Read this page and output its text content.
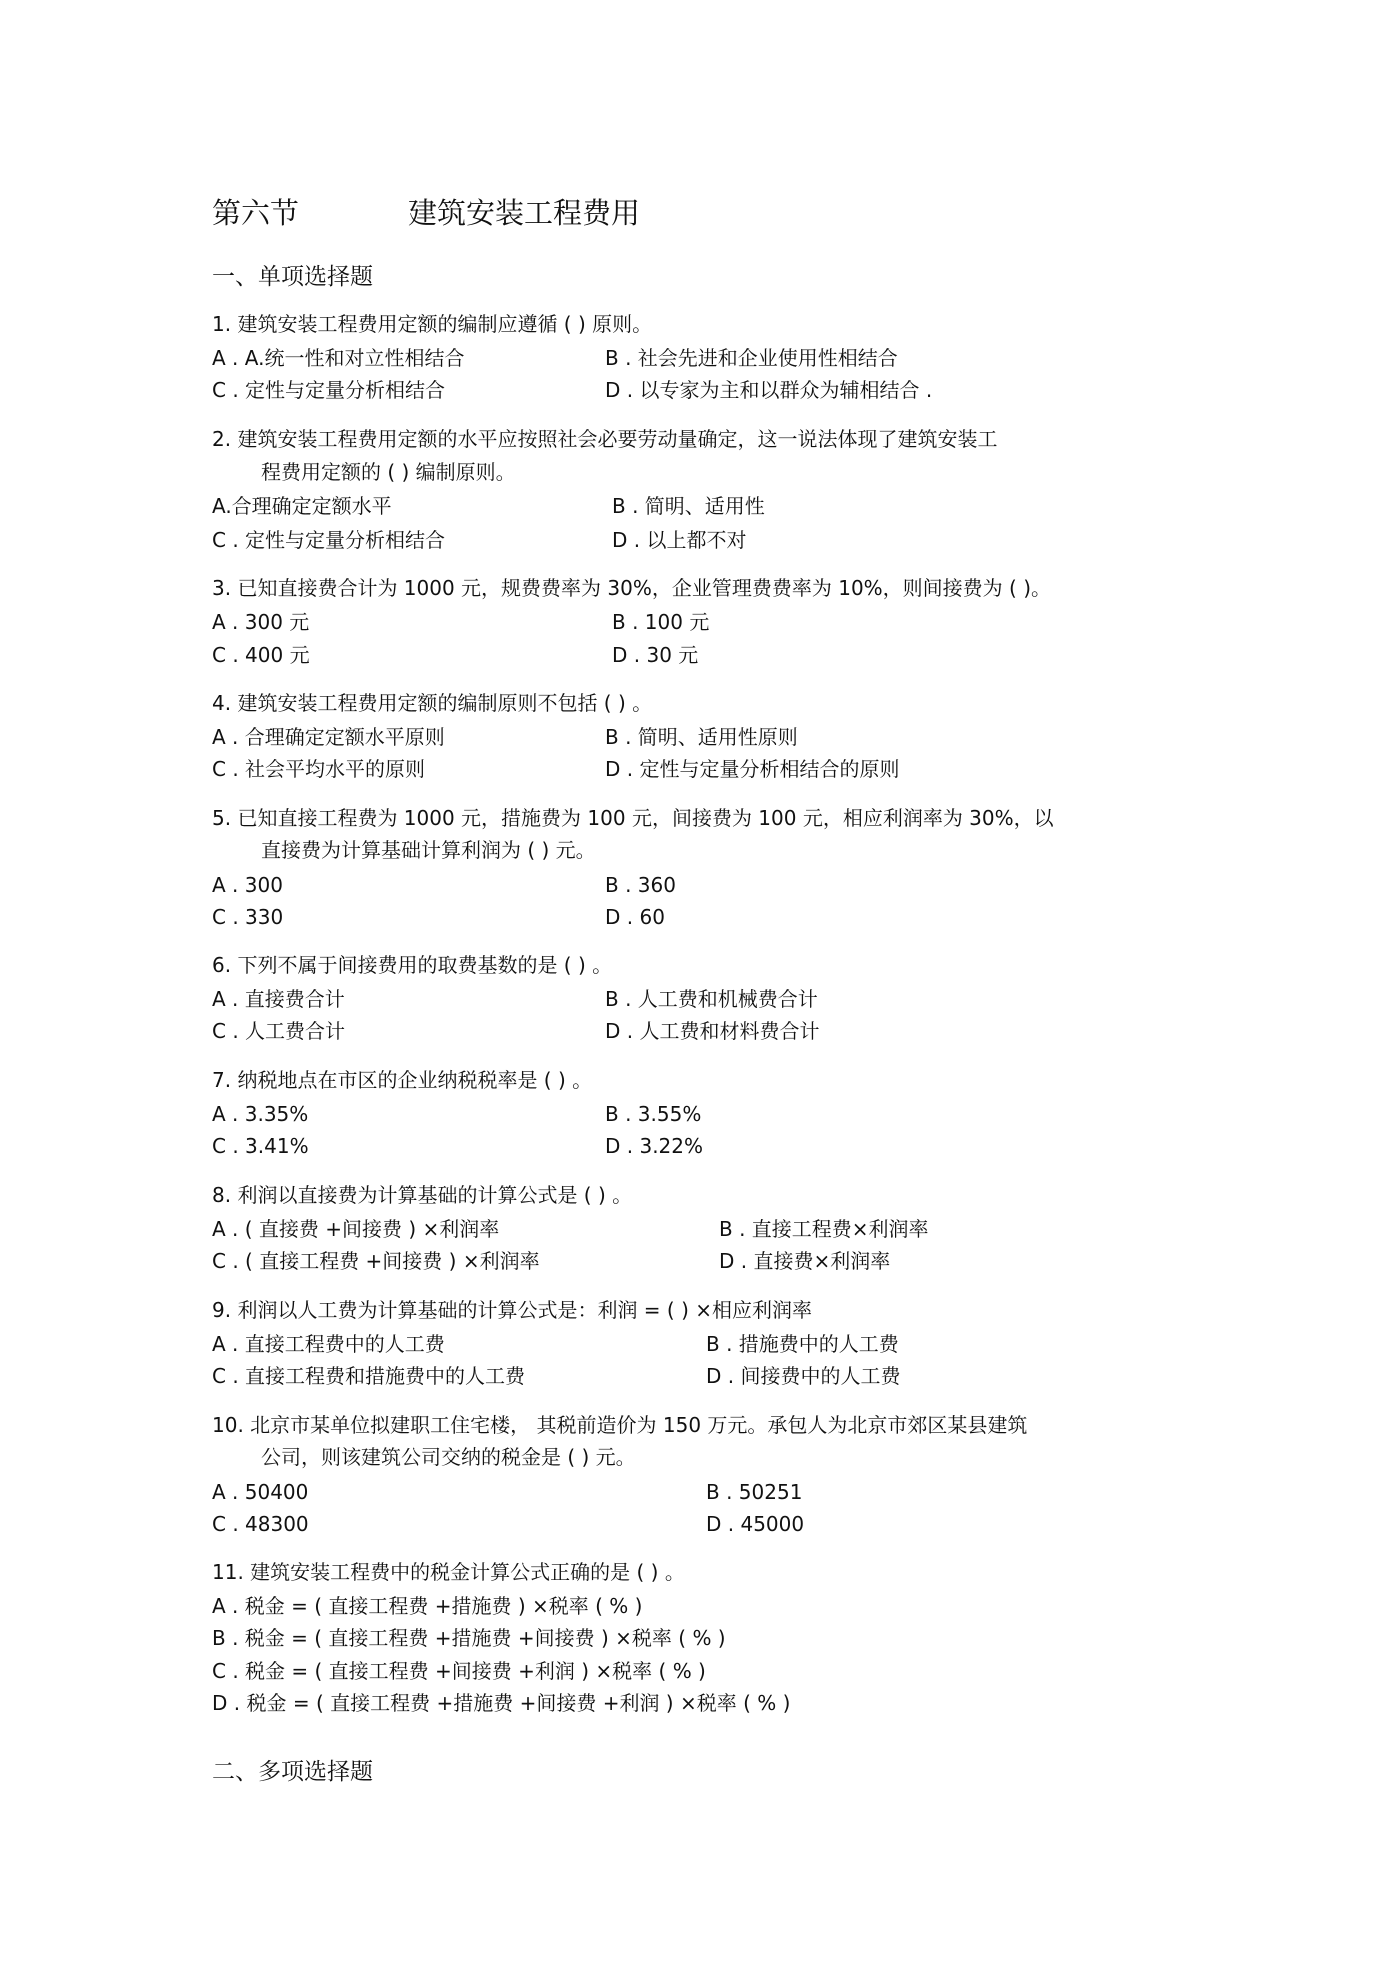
第六节	建筑安装工程费用
一、单项选择题
1. 建筑安装工程费用定额的编制应遵循 ( ) 原则。
A . A.统一性和对立性相结合	B . 社会先进和企业使用性相结合
C . 定性与定量分析相结合	D . 以专家为主和以群众为辅相结合 .
2. 建筑安装工程费用定额的水平应按照社会必要劳动量确定，这一说法体现了建筑安装工
程费用定额的 ( ) 编制原则。
A.合理确定定额水平	B . 简明、适用性
C . 定性与定量分析相结合	D . 以上都不对
3. 已知直接费合计为 1000 元，规费费率为 30%，企业管理费费率为 10%，则间接费为 ( )。
A . 300 元	B . 100 元
C . 400 元	D . 30 元
4. 建筑安装工程费用定额的编制原则不包括 ( ) 。
A . 合理确定定额水平原则	B . 简明、适用性原则
C . 社会平均水平的原则	D . 定性与定量分析相结合的原则
5. 已知直接工程费为 1000 元，措施费为 100 元，间接费为 100 元，相应利润率为 30%，以
直接费为计算基础计算利润为 ( ) 元。
A . 300	B . 360
C . 330	D . 60
6. 下列不属于间接费用的取费基数的是 ( ) 。
A . 直接费合计	B . 人工费和机械费合计
C . 人工费合计	D . 人工费和材料费合计
7. 纳税地点在市区的企业纳税税率是 ( ) 。
A . 3.35%	B . 3.55%
C . 3.41%	D . 3.22%
8. 利润以直接费为计算基础的计算公式是 ( ) 。
A . ( 直接费 +间接费 ) ×利润率	B . 直接工程费×利润率
C . ( 直接工程费 +间接费 ) ×利润率	D . 直接费×利润率
9. 利润以人工费为计算基础的计算公式是：利润 = ( ) ×相应利润率
A . 直接工程费中的人工费	B . 措施费中的人工费
C . 直接工程费和措施费中的人工费	D . 间接费中的人工费
10. 北京市某单位拟建职工住宅楼， 其税前造价为 150 万元。承包人为北京市郊区某县建筑
公司，则该建筑公司交纳的税金是 ( ) 元。
A . 50400	B . 50251
C . 48300	D . 45000
11. 建筑安装工程费中的税金计算公式正确的是 ( ) 。
A . 税金 = ( 直接工程费 +措施费 ) ×税率 ( % )
B . 税金 = ( 直接工程费 +措施费 +间接费 ) ×税率 ( % )
C . 税金 = ( 直接工程费 +间接费 +利润 ) ×税率 ( % )
D . 税金 = ( 直接工程费 +措施费 +间接费 +利润 ) ×税率 ( % )
二、多项选择题
